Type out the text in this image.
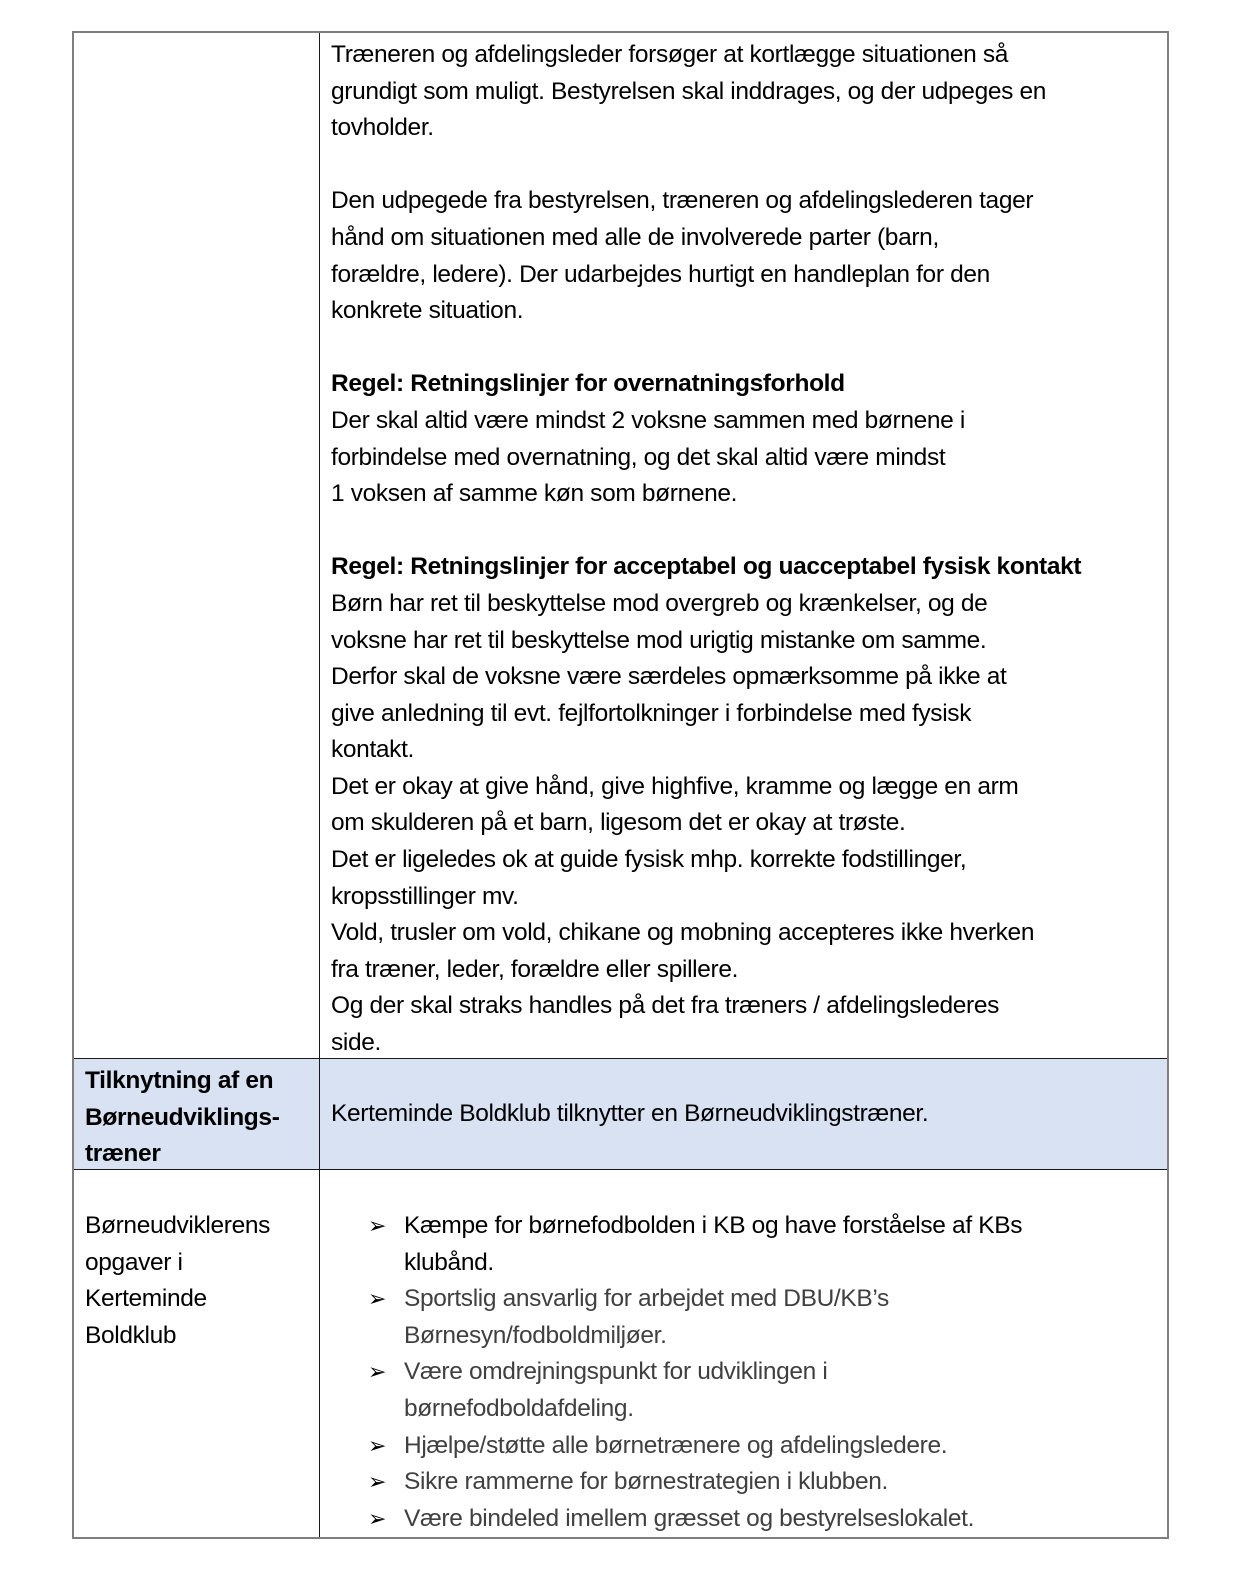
Træneren og afdelingsleder forsøger at kortlægge situationen så

grundigt som muligt. Bestyrelsen skal inddrages, og der udpeges en

tovholder.

Den udpegede fra bestyrelsen, træneren og afdelingslederen tager

hånd om situationen med alle de involverede parter (barn,

forældre, ledere). Der udarbejdes hurtigt en handleplan for den

konkrete situation.

Regel: Retningslinjer for overnatningsforhold

Der skal altid være mindst 2 voksne sammen med børnene i

forbindelse med overnatning, og det skal altid være mindst

1 voksen af samme køn som børnene.

Regel: Retningslinjer for acceptabel og uacceptabel fysisk kontakt

Børn har ret til beskyttelse mod overgreb og krænkelser, og de

voksne har ret til beskyttelse mod urigtig mistanke om samme.

Derfor skal de voksne være særdeles opmærksomme på ikke at

give anledning til evt. fejlfortolkninger i forbindelse med fysisk

kontakt.

Det er okay at give hånd, give highfive, kramme og lægge en arm

om skulderen på et barn, ligesom det er okay at trøste.

Det er ligeledes ok at guide fysisk mhp. korrekte fodstillinger,

kropsstillinger mv.

Vold, trusler om vold, chikane og mobning accepteres ikke hverken

fra træner, leder, forældre eller spillere.

Og der skal straks handles på det fra træners / afdelingslederes

side.

Tilknytning af en

Børneudviklings-

træner

Kerteminde Boldklub tilknytter en Børneudviklingstræner.

Børneudviklerens

opgaver i

Kerteminde

Boldklub

➢ Kæmpe for børnefodbolden i KB og have forståelse af KBs
klubånd.
➢ Sportslig ansvarlig for arbejdet med DBU/KB’s
Børnesyn/fodboldmiljøer.
➢ Være omdrejningspunkt for udviklingen i
børnefodboldafdeling.
➢ Hjælpe/støtte alle børnetrænere og afdelingsledere.
➢ Sikre rammerne for børnestrategien i klubben.
➢ Være bindeled imellem græsset og bestyrelseslokalet.
